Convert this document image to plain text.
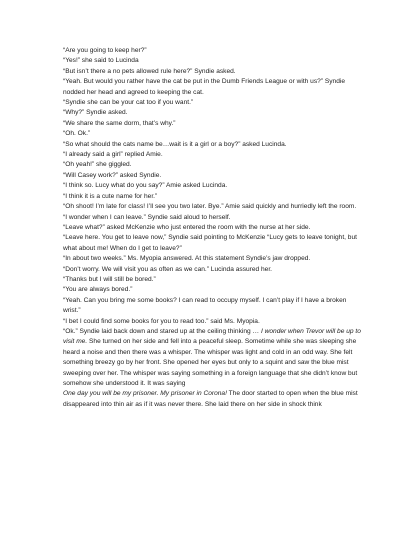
“Are you going to keep her?”

“Yes!” she said to Lucinda

“But isn’t there a no pets allowed rule here?” Syndie asked.

“Yeah. But would you rather have the cat be put in the Dumb Friends League or with us?” Syndie nodded her head and agreed to keeping the cat.

“Syndie she can be your cat too if you want.”

“Why?” Syndie asked.

“We share the same dorm, that’s why.”

“Oh. Ok.”

“So what should the cats name be…wait is it a girl or a boy?” asked Lucinda.

“I already said a girl” replied Amie.

“Oh yeah!” she giggled.

“Will Casey work?” asked Syndie.

“I think so. Lucy what do you say?” Amie asked Lucinda.

“I think it is a cute name for her.”

“Oh shoot! I’m late for class! I’ll see you two later. Bye.” Amie said quickly and hurriedly left the room.

“I wonder when I can leave.” Syndie said aloud to herself.

“Leave what?” asked McKenzie who just entered the room with the nurse at her side.

“Leave here. You get to leave now,” Syndie said pointing to McKenzie “Lucy gets to leave tonight, but what about me! When do I get to leave?”

“In about two weeks.” Ms. Myopia answered. At this statement Syndie’s jaw dropped.

“Don’t worry. We will visit you as often as we can.” Lucinda assured her.

“Thanks but I will still be bored.”

“You are always bored.”

“Yeah. Can you bring me some books? I can read to occupy myself. I can’t play if I have a broken wrist.”

“I bet I could find some books for you to read too.” said Ms. Myopia.

“Ok.” Syndie laid back down and stared up at the ceiling thinking … I wonder when Trevor will be up to visit me. She turned on her side and fell into a peaceful sleep. Sometime while she was sleeping she heard a noise and then there was a whisper. The whisper was light and cold in an odd way. She felt something breezy go by her front. She opened her eyes but only to a squint and saw the blue mist sweeping over her. The whisper was saying something in a foreign language that she didn’t know but somehow she understood it. It was saying

One day you will be my prisoner. My prisoner in Corona! The door started to open when the blue mist disappeared into thin air as if it was never there. She laid there on her side in shock think
